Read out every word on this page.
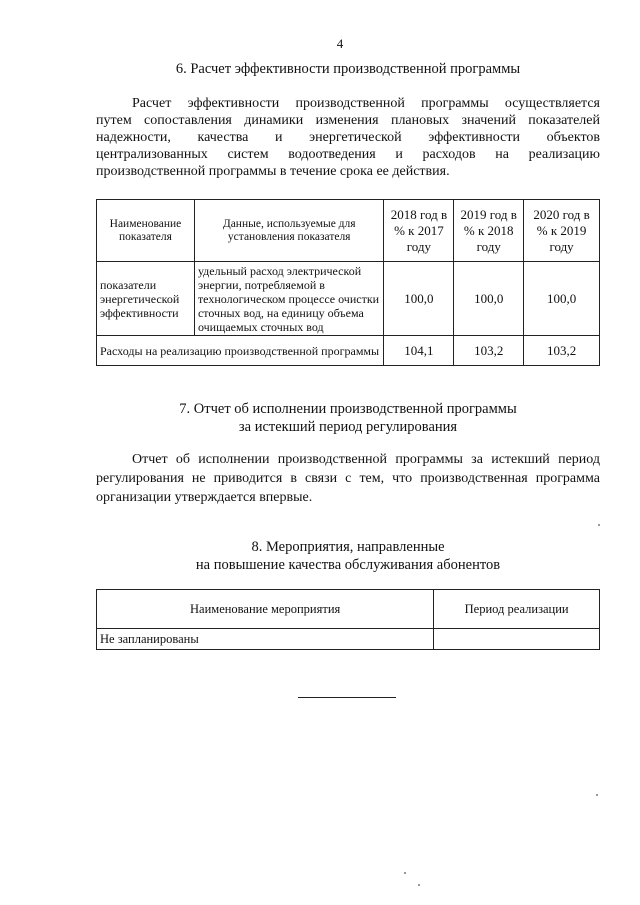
4
6. Расчет эффективности производственной программы
Расчет эффективности производственной программы осуществляется
путем сопоставления динамики изменения плановых значений показателей
надежности, качества и энергетической эффективности объектов
централизованных систем водоотведения и расходов на реализацию
производственной программы в течение срока ее действия.
Наименование показателя	Данные, используемые для установления показателя	2018 год в % к 2017 году	2019 год в % к 2018 году	2020 год в % к 2019 году
показатели энергетической эффективности	удельный расход электрической энергии, потребляемой в технологическом процессе очистки сточных вод, на единицу объема очищаемых сточных вод	100,0	100,0	100,0
Расходы на реализацию производственной программы		104,1	103,2	103,2
7. Отчет об исполнении производственной программы
за истекший период регулирования
Отчет об исполнении производственной программы за истекший период
регулирования не приводится в связи с тем, что производственная программа
организации утверждается впервые.
8. Мероприятия, направленные
на повышение качества обслуживания абонентов
Наименование мероприятия	Период реализации
Не запланированы	
